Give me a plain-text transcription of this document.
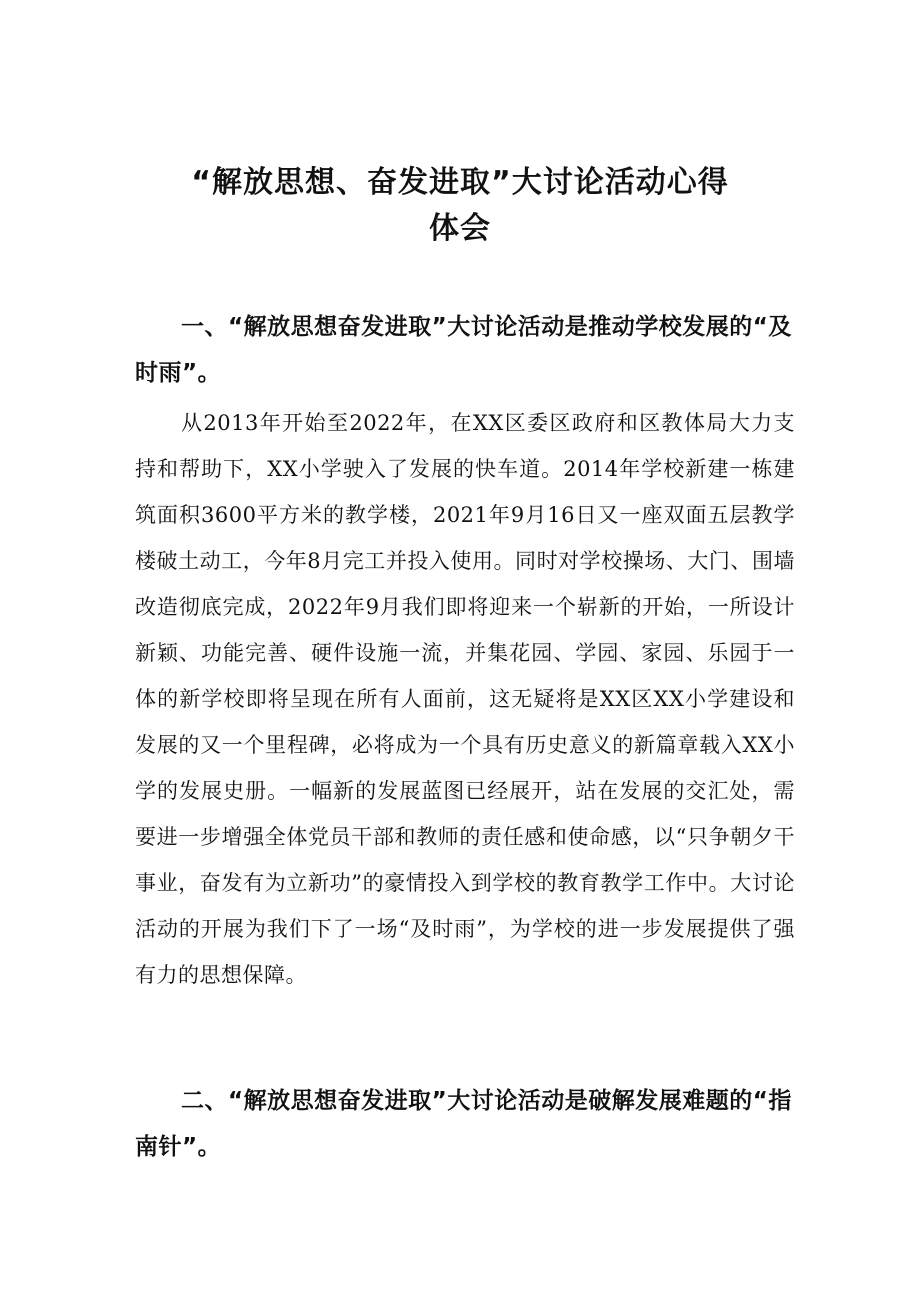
“解放思想、奋发进取”大讨论活动心得
体会
一、“解放思想奋发进取”大讨论活动是推动学校发展的“及时雨”。
从2013年开始至2022年，在XX区委区政府和区教体局大力支持和帮助下，XX小学驶入了发展的快车道。2014年学校新建一栋建筑面积3600平方米的教学楼，2021年9月16日又一座双面五层教学楼破土动工，今年8月完工并投入使用。同时对学校操场、大门、围墙改造彻底完成，2022年9月我们即将迎来一个崭新的开始，一所设计新颖、功能完善、硬件设施一流，并集花园、学园、家园、乐园于一体的新学校即将呈现在所有人面前，这无疑将是XX区XX小学建设和发展的又一个里程碑，必将成为一个具有历史意义的新篇章载入XX小学的发展史册。一幅新的发展蓝图已经展开，站在发展的交汇处，需要进一步增强全体党员干部和教师的责任感和使命感，以“只争朝夕干事业，奋发有为立新功”的豪情投入到学校的教育教学工作中。大讨论活动的开展为我们下了一场“及时雨”，为学校的进一步发展提供了强有力的思想保障。
二、“解放思想奋发进取”大讨论活动是破解发展难题的“指南针”。
